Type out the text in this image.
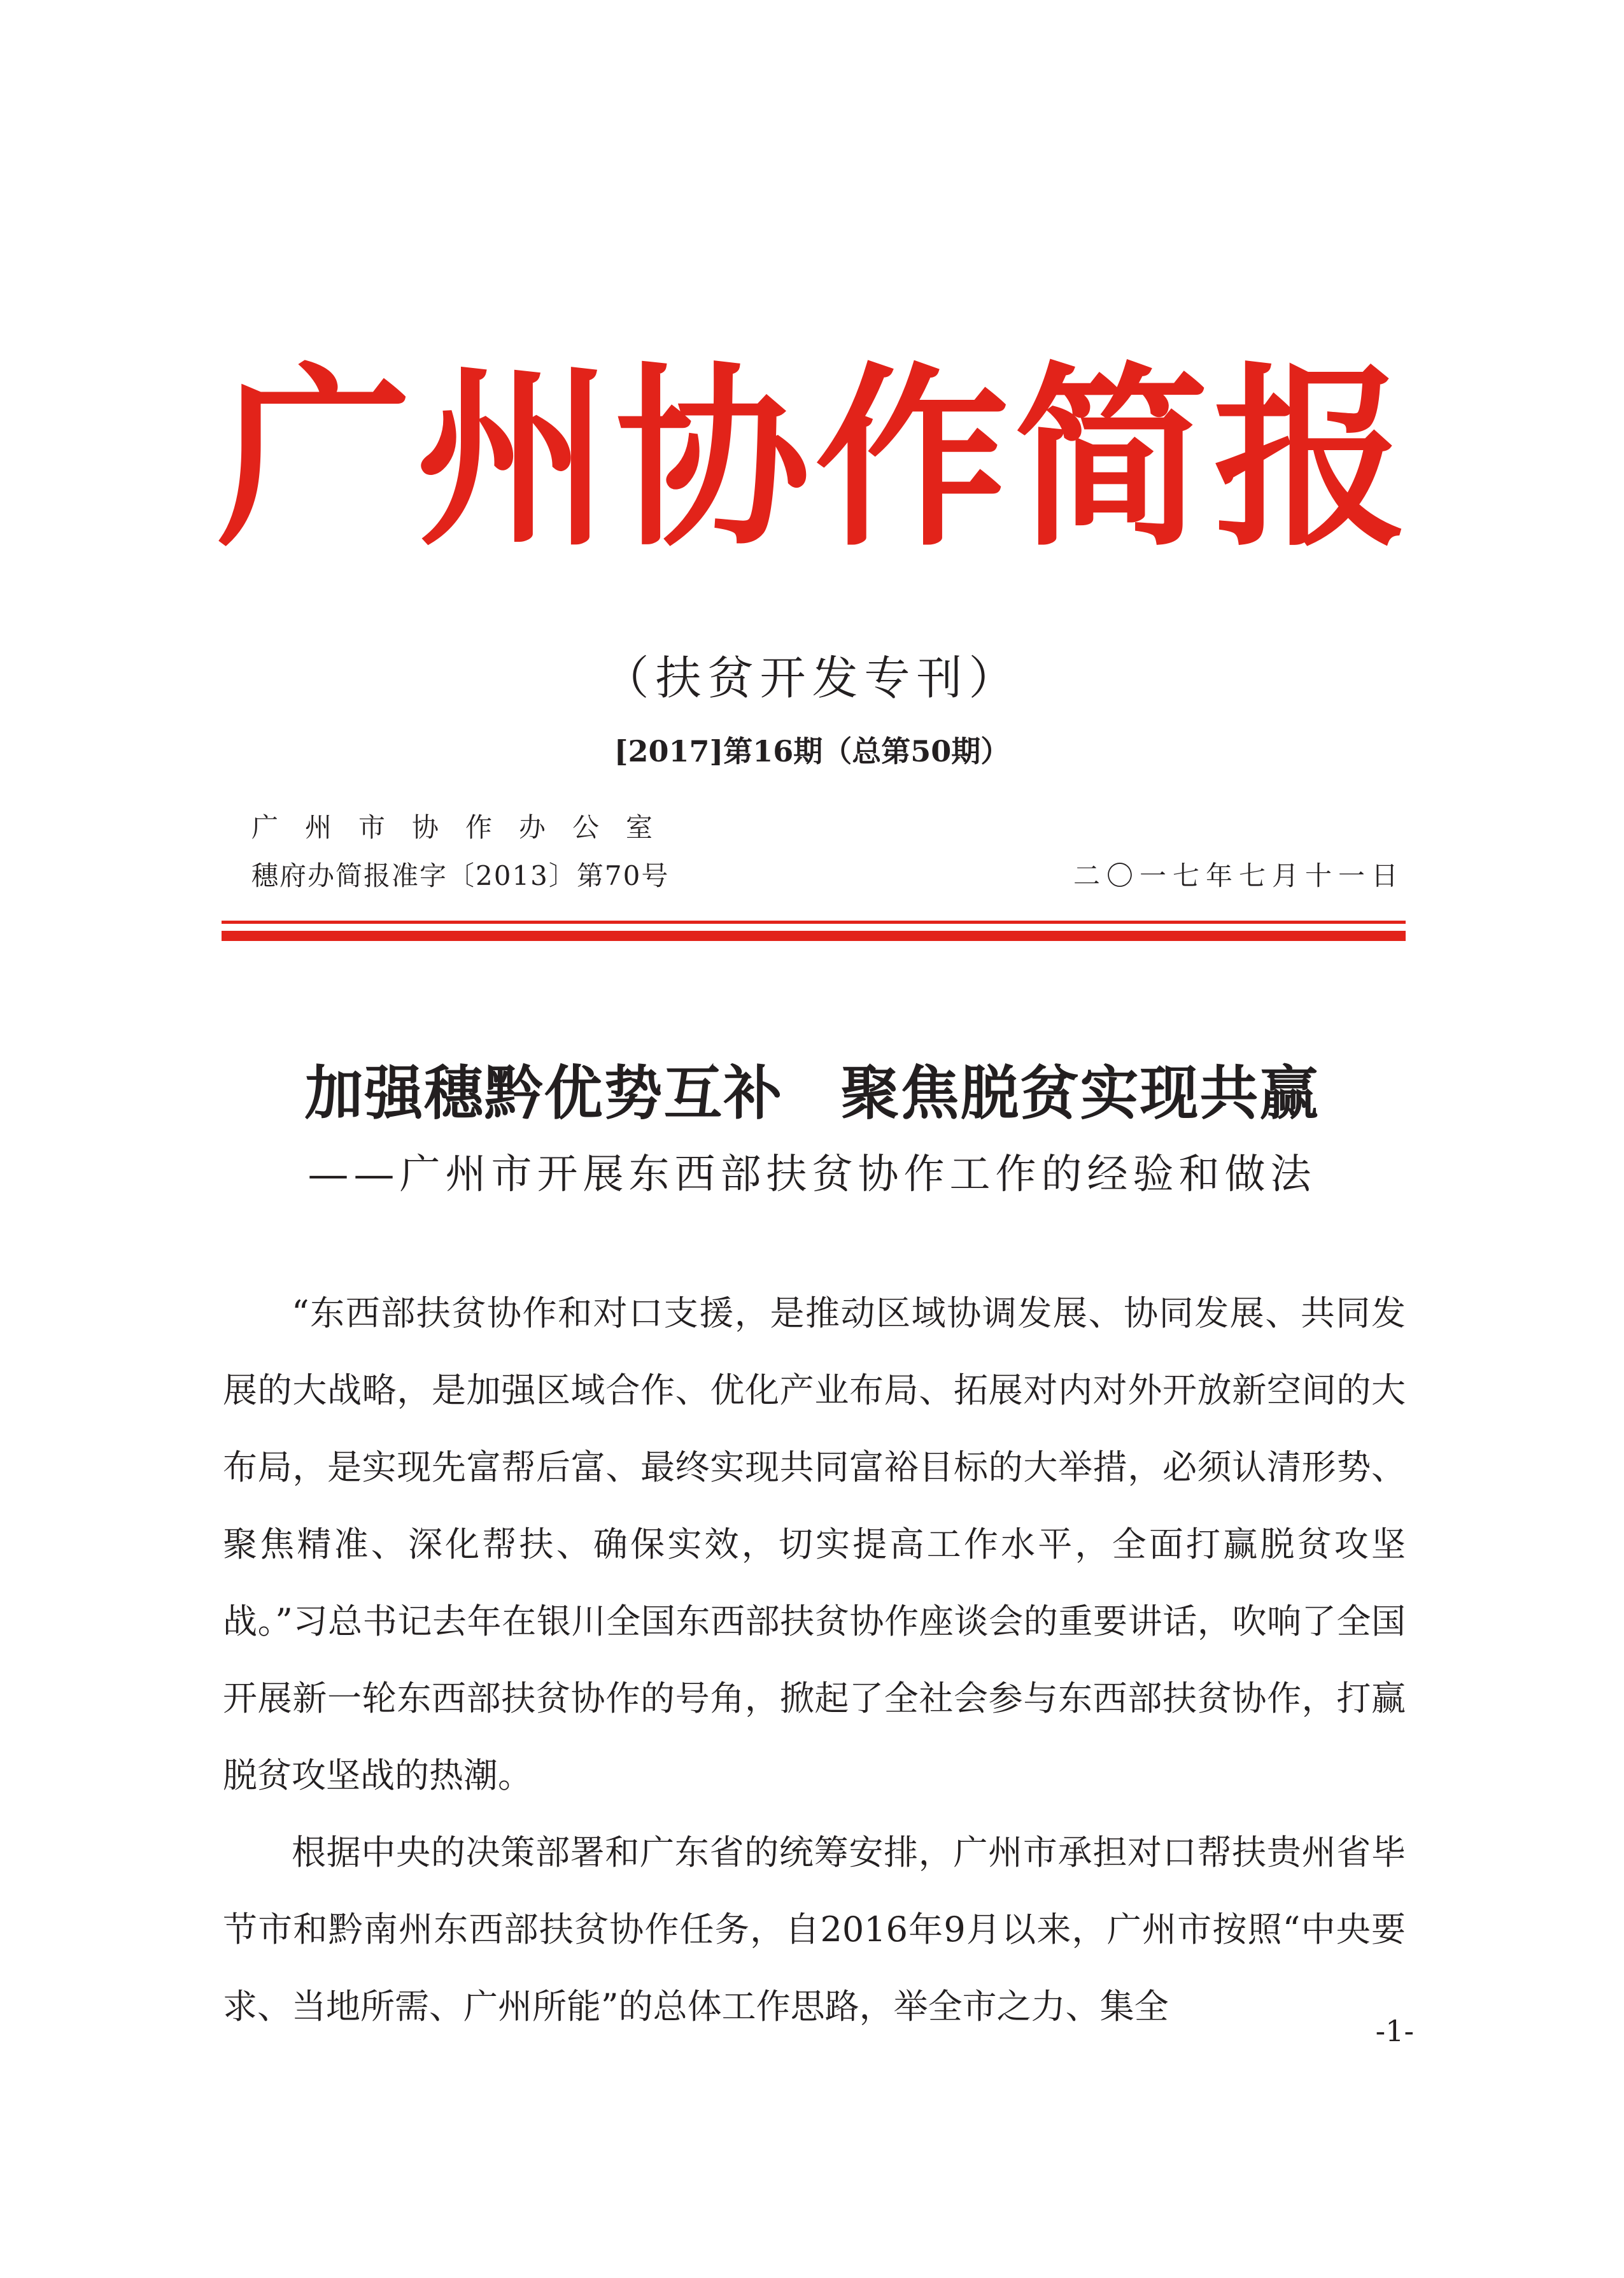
广州协作简报
（扶贫开发专刊）
[2017]第16期（总第50期）
广州市协作办公室
穗府办简报准字〔2013〕第70号	二〇一七年七月十一日
加强穗黔优势互补 聚焦脱贫实现共赢
——广州市开展东西部扶贫协作工作的经验和做法

“东西部扶贫协作和对口支援，是推动区域协调发展、协同发展、共同发展的大战略，是加强区域合作、优化产业布局、拓展对内对外开放新空间的大布局，是实现先富帮后富、最终实现共同富裕目标的大举措，必须认清形势、聚焦精准、深化帮扶、确保实效，切实提高工作水平，全面打赢脱贫攻坚战。”习总书记去年在银川全国东西部扶贫协作座谈会的重要讲话，吹响了全国开展新一轮东西部扶贫协作的号角，掀起了全社会参与东西部扶贫协作，打赢脱贫攻坚战的热潮。

根据中央的决策部署和广东省的统筹安排，广州市承担对口帮扶贵州省毕节市和黔南州东西部扶贫协作任务，自2016年9月以来，广州市按照“中央要求、当地所需、广州所能”的总体工作思路，举全市之力、集全

-1-
